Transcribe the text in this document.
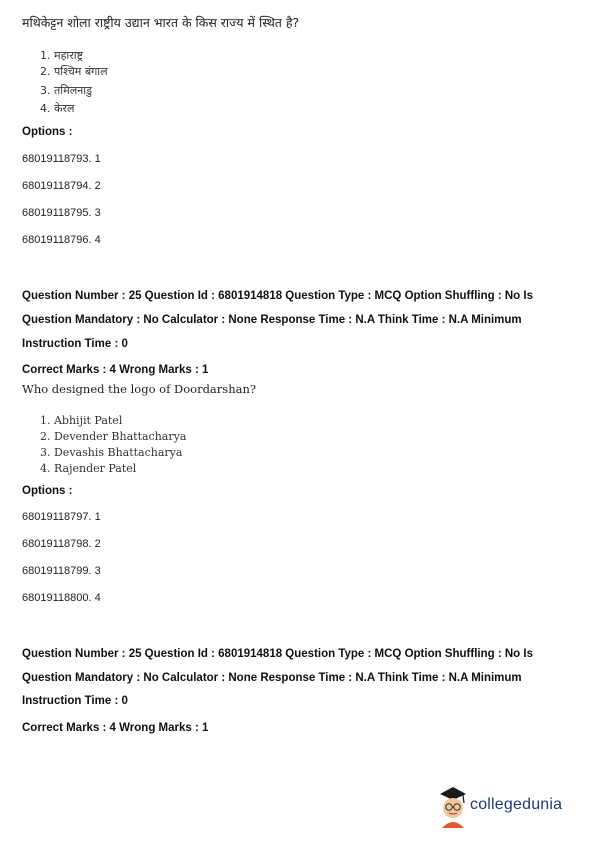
मथिकेट्टन शोला राष्ट्रीय उद्यान भारत के किस राज्य में स्थित है?
1. महाराष्ट्र
2. पश्चिम बंगाल
3. तमिलनाडु
4. केरल
Options :
68019118793. 1
68019118794. 2
68019118795. 3
68019118796. 4
Question Number : 25 Question Id : 6801914818 Question Type : MCQ Option Shuffling : No Is
Question Mandatory : No Calculator : None Response Time : N.A Think Time : N.A Minimum
Instruction Time : 0
Correct Marks : 4 Wrong Marks : 1
Who designed the logo of Doordarshan?
1. Abhijit Patel
2. Devender Bhattacharya
3. Devashis Bhattacharya
4. Rajender Patel
Options :
68019118797. 1
68019118798. 2
68019118799. 3
68019118800. 4
Question Number : 25 Question Id : 6801914818 Question Type : MCQ Option Shuffling : No Is
Question Mandatory : No Calculator : None Response Time : N.A Think Time : N.A Minimum
Instruction Time : 0
Correct Marks : 4 Wrong Marks : 1
collegedunia
